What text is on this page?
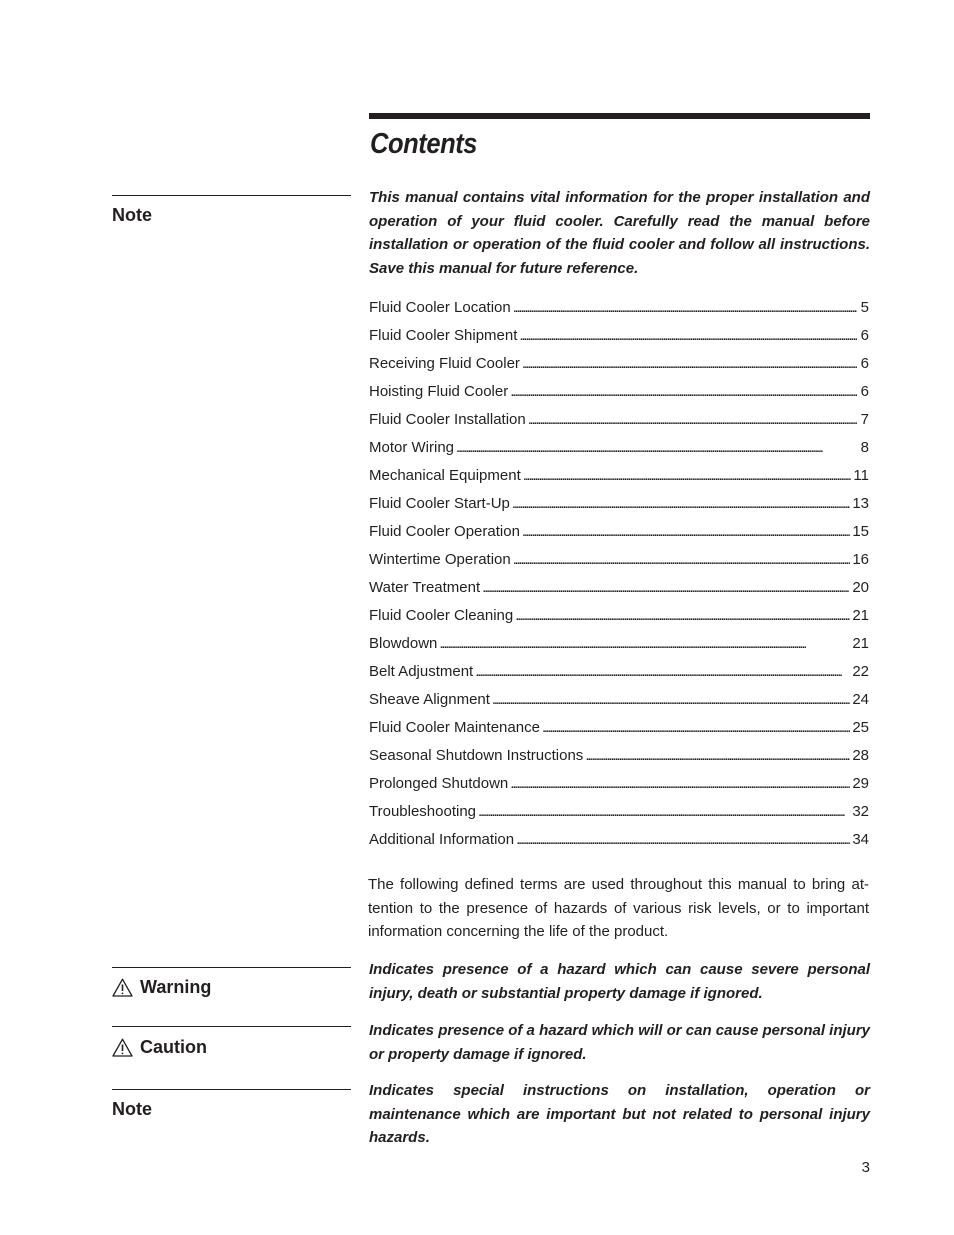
Contents

Note

This manual contains vital information for the proper installation and operation of your fluid cooler. Carefully read the manual before installation or operation of the fluid cooler and follow all instructions. Save this manual for future reference.

Fluid Cooler Location . . .	5
Fluid Cooler Shipment . . .	6
Receiving Fluid Cooler . . .	6
Hoisting Fluid Cooler . . .	6
Fluid Cooler Installation . . .	7
Motor Wiring . . .	8
Mechanical Equipment . . .	11
Fluid Cooler Start-Up . . .	13
Fluid Cooler Operation . . .	15
Wintertime Operation . . .	16
Water Treatment . . .	20
Fluid Cooler Cleaning . . .	21
Blowdown . . .	21
Belt Adjustment . . .	22
Sheave Alignment . . .	24
Fluid Cooler Maintenance . . .	25
Seasonal Shutdown Instructions . . .	28
Prolonged Shutdown . . .	29
Troubleshooting . . .	32
Additional Information . . .	34

The following defined terms are used throughout this manual to bring attention to the presence of hazards of various risk levels, or to important information concerning the life of the product.

Warning

Indicates presence of a hazard which can cause severe personal injury, death or substantial property damage if ignored.

Caution

Indicates presence of a hazard which will or can cause personal injury or property damage if ignored.

Note

Indicates special instructions on installation, operation or maintenance which are important but not related to personal injury hazards.

3
